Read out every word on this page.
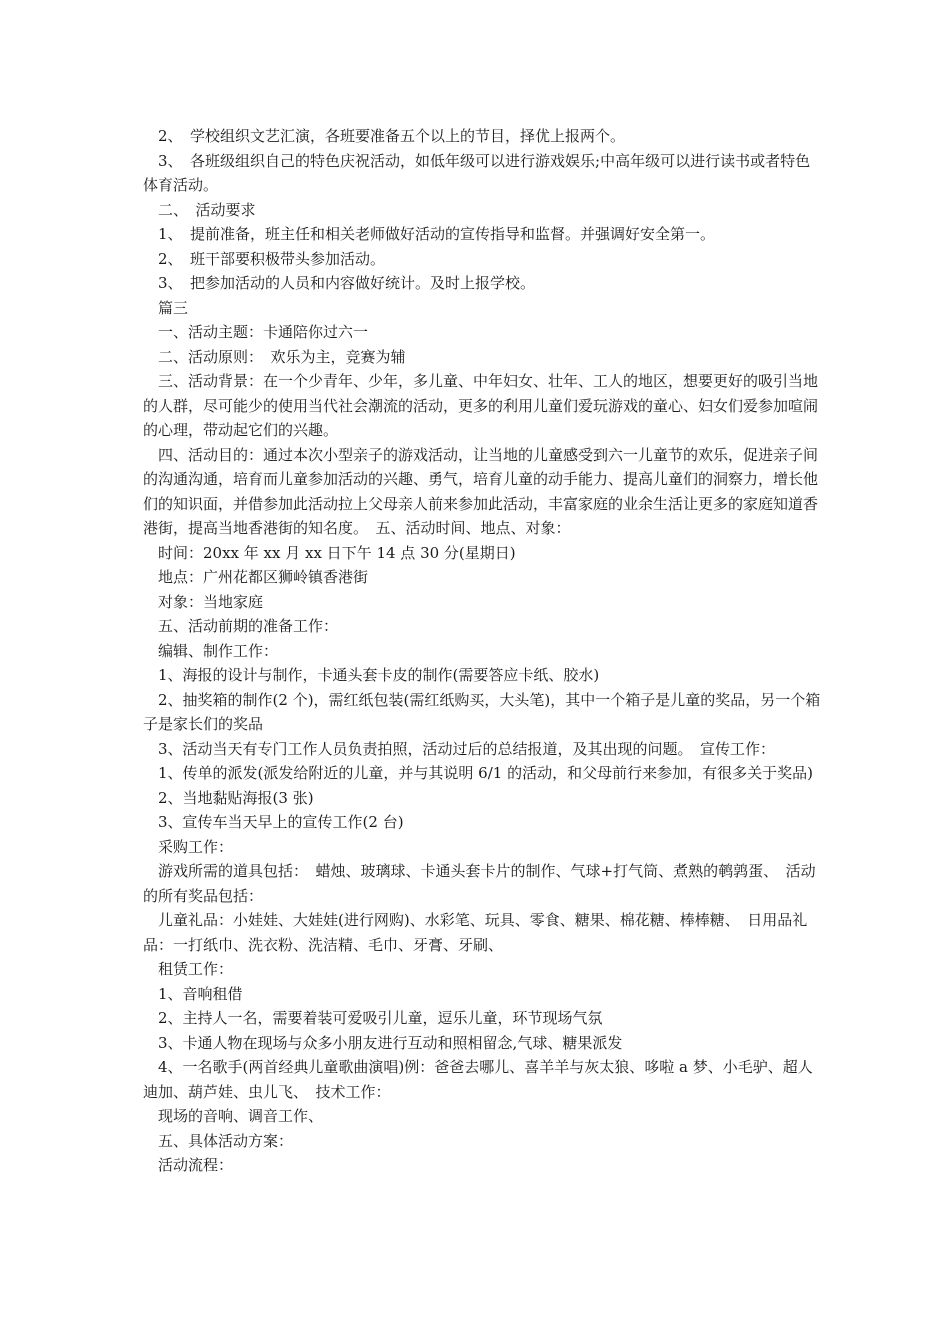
　2、　学校组织文艺汇演，各班要准备五个以上的节目，择优上报两个。
　3、　各班级组织自己的特色庆祝活动，如低年级可以进行游戏娱乐;中高年级可以进行读书或者特色体育活动。
　二、　活动要求
　1、　提前准备，班主任和相关老师做好活动的宣传指导和监督。并强调好安全第一。
　2、　班干部要积极带头参加活动。
　3、　把参加活动的人员和内容做好统计。及时上报学校。
　篇三
　一、活动主题：卡通陪你过六一
　二、活动原则：　欢乐为主，竞赛为辅
　三、活动背景：在一个少青年、少年，多儿童、中年妇女、壮年、工人的地区，想要更好的吸引当地的人群，尽可能少的使用当代社会潮流的活动，更多的利用儿童们爱玩游戏的童心、妇女们爱参加喧闹的心理，带动起它们的兴趣。
　四、活动目的：通过本次小型亲子的游戏活动，让当地的儿童感受到六一儿童节的欢乐，促进亲子间的沟通沟通，培育而儿童参加活动的兴趣、勇气，培育儿童的动手能力、提高儿童们的洞察力，增长他们的知识面，并借参加此活动拉上父母亲人前来参加此活动，丰富家庭的业余生活让更多的家庭知道香港街，提高当地香港街的知名度。　五、活动时间、地点、对象：
　时间：20xx 年 xx 月 xx 日下午 14 点 30 分(星期日)
　地点：广州花都区狮岭镇香港街
　对象：当地家庭
　五、活动前期的准备工作：
　编辑、制作工作：
　1、海报的设计与制作，卡通头套卡皮的制作(需要答应卡纸、胶水)
　2、抽奖箱的制作(2 个)，需红纸包装(需红纸购买，大头笔)，其中一个箱子是儿童的奖品，另一个箱子是家长们的奖品
　3、活动当天有专门工作人员负责拍照，活动过后的总结报道，及其出现的问题。　宣传工作：
　1、传单的派发(派发给附近的儿童，并与其说明 6/1 的活动，和父母前行来参加，有很多关于奖品)
　2、当地黏贴海报(3 张)
　3、宣传车当天早上的宣传工作(2 台)
　采购工作：
　游戏所需的道具包括：　蜡烛、玻璃球、卡通头套卡片的制作、气球+打气筒、煮熟的鹌鹑蛋、　活动的所有奖品包括：
　儿童礼品：小娃娃、大娃娃(进行网购)、水彩笔、玩具、零食、糖果、棉花糖、棒棒糖、　日用品礼品：一打纸巾、洗衣粉、洗洁精、毛巾、牙膏、牙刷、
　租赁工作：
　1、音响租借
　2、主持人一名，需要着装可爱吸引儿童，逗乐儿童，环节现场气氛
　3、卡通人物在现场与众多小朋友进行互动和照相留念,气球、糖果派发
　4、一名歌手(两首经典儿童歌曲演唱)例：爸爸去哪儿、喜羊羊与灰太狼、哆啦 a 梦、小毛驴、超人迪加、葫芦娃、虫儿飞、　技术工作：
　现场的音响、调音工作、
　五、具体活动方案：
　活动流程：
